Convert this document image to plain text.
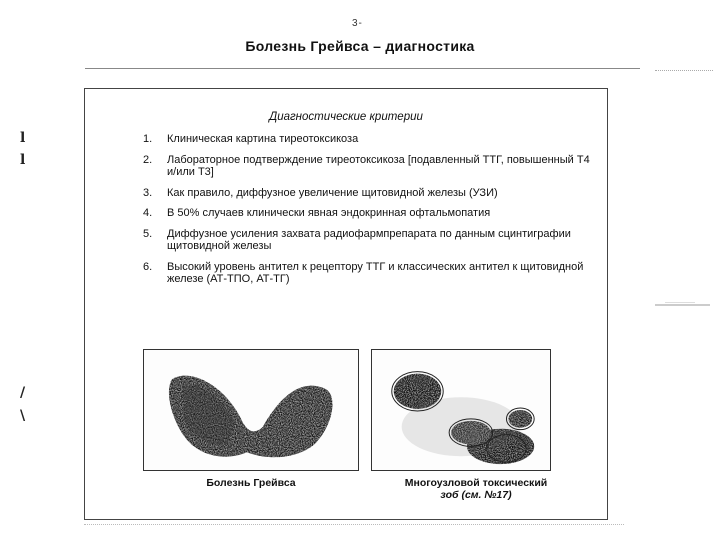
3-
Болезнь Грейвса – диагностика
l
l
/
\
Диагностические критерии
1. Клиническая картина тиреотоксикоза
2. Лабораторное подтверждение тиреотоксикоза [подавленный ТТГ, повышенный Т4 и/или Т3]
3. Как правило, диффузное увеличение щитовидной железы (УЗИ)
4. В 50% случаев клинически явная эндокринная офтальмопатия
5. Диффузное усиления захвата радиофармпрепарата по данным сцинтиграфии щитовидной железы
6. Высокий уровень антител к рецептору ТТГ и классических антител к щитовидной железе (АТ-ТПО, АТ-ТГ)
Болезнь Грейвса	Многоузловой токсический
зоб (см. №17)
